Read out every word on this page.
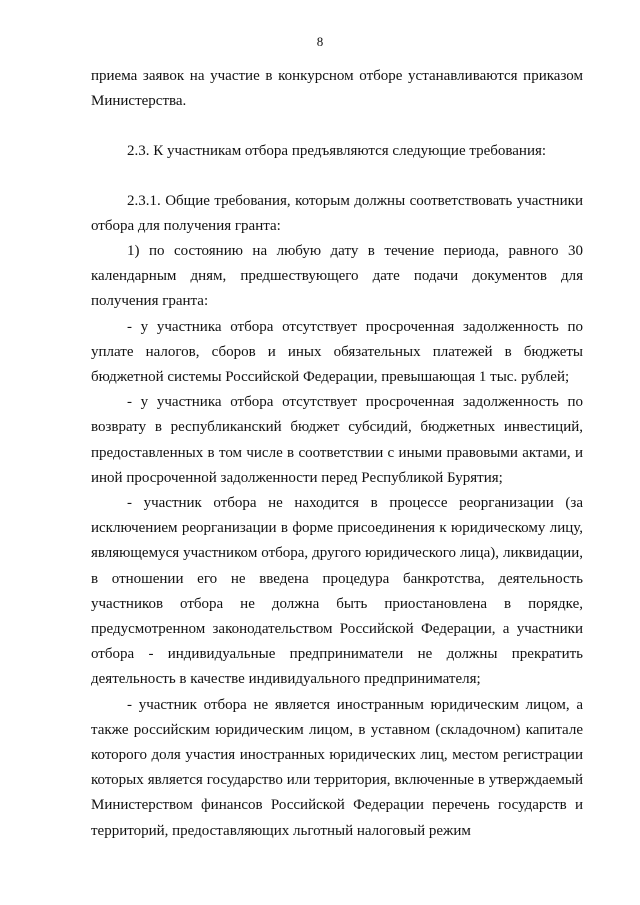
8

приема заявок на участие в конкурсном отборе устанавливаются приказом Министерства.

2.3. К участникам отбора предъявляются следующие требования:

2.3.1. Общие требования, которым должны соответствовать участники отбора для получения гранта:

1) по состоянию на любую дату в течение периода, равного 30 календарным дням, предшествующего дате подачи документов для получения гранта:

- у участника отбора отсутствует просроченная задолженность по уплате налогов, сборов и иных обязательных платежей в бюджеты бюджетной системы Российской Федерации, превышающая 1 тыс. рублей;

- у участника отбора отсутствует просроченная задолженность по возврату в республиканский бюджет субсидий, бюджетных инвестиций, предоставленных в том числе в соответствии с иными правовыми актами, и иной просроченной задолженности перед Республикой Бурятия;

- участник отбора не находится в процессе реорганизации (за исключением реорганизации в форме присоединения к юридическому лицу, являющемуся участником отбора, другого юридического лица), ликвидации, в отношении его не введена процедура банкротства, деятельность участников отбора не должна быть приостановлена в порядке, предусмотренном законодательством Российской Федерации, а участники отбора - индивидуальные предприниматели не должны прекратить деятельность в качестве индивидуального предпринимателя;

- участник отбора не является иностранным юридическим лицом, а также российским юридическим лицом, в уставном (складочном) капитале которого доля участия иностранных юридических лиц, местом регистрации которых является государство или территория, включенные в утверждаемый Министерством финансов Российской Федерации перечень государств и территорий, предоставляющих льготный налоговый режим
